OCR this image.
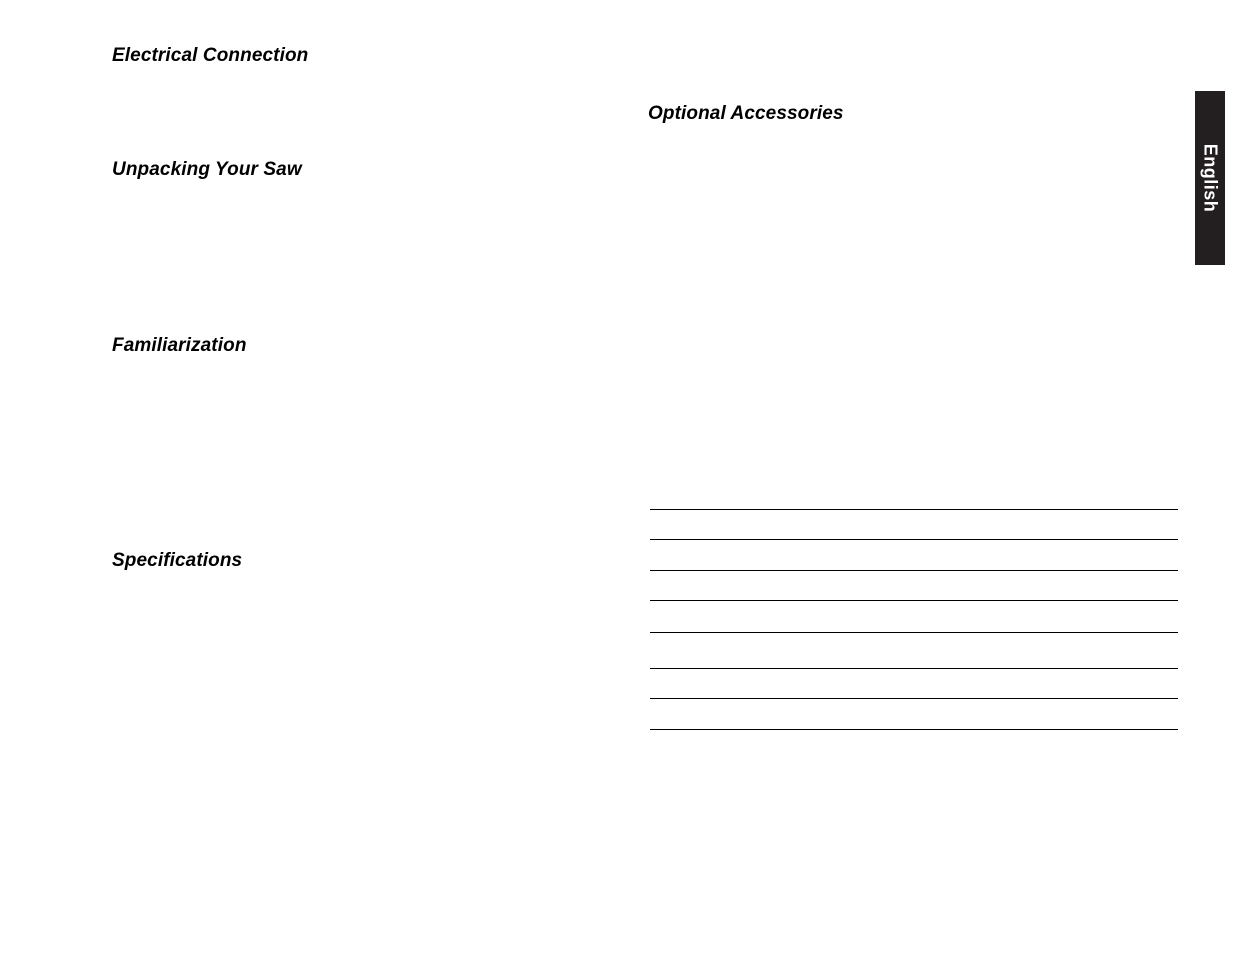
Electrical Connection
Unpacking Your Saw
Familiarization
Specifications
Optional Accessories
English
